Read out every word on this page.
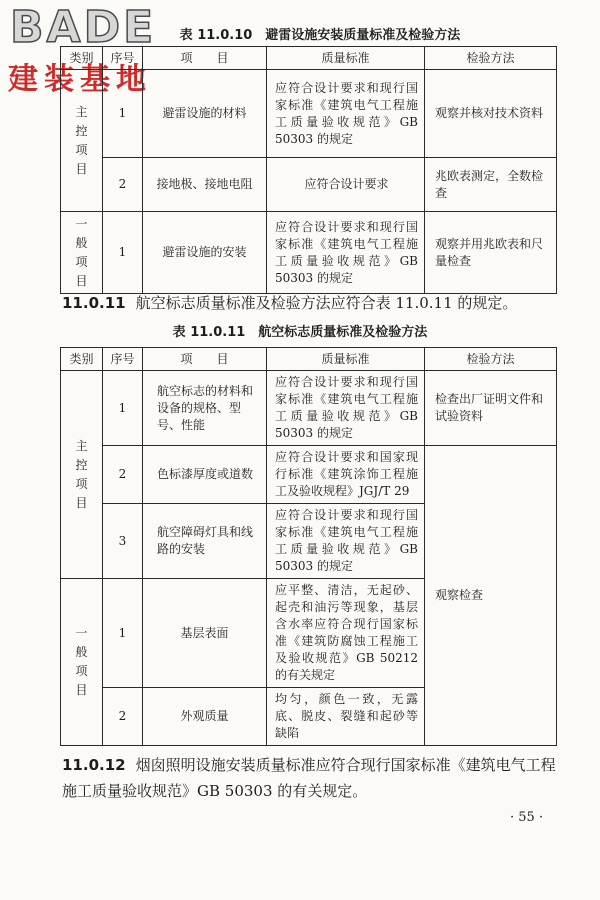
BADE
建装基地
表 11.0.10　避雷设施安装质量标准及检验方法
类别	序号	项　　目	质量标准	检验方法

主控项目	1	避雷设施的材料	应符合设计要求和现行国家标准《建筑电气工程施工质量验收规范》GB 50303 的规定	观察并核对技术资料
	2	接地极、接地电阻	应符合设计要求	兆欧表测定，全数检查

一般项目	1	避雷设施的安装	应符合设计要求和现行国家标准《建筑电气工程施工质量验收规范》GB 50303 的规定	观察并用兆欧表和尺量检查
11.0.11 航空标志质量标准及检验方法应符合表 11.0.11 的规定。
表 11.0.11　航空标志质量标准及检验方法
类别	序号	项　　目	质量标准	检验方法

主控项目	1	航空标志的材料和设备的规格、型号、性能	应符合设计要求和现行国家标准《建筑电气工程施工质量验收规范》GB 50303 的规定	检查出厂证明文件和试验资料
	2	色标漆厚度或道数	应符合设计要求和国家现行标准《建筑涂饰工程施工及验收规程》JGJ/T 29	观察检查
	3	航空障碍灯具和线路的安装	应符合设计要求和现行国家标准《建筑电气工程施工质量验收规范》GB 50303 的规定	

一般项目	1	基层表面	应平整、清洁，无起砂、起壳和油污等现象，基层含水率应符合现行国家标准《建筑防腐蚀工程施工及验收规范》GB 50212 的有关规定	
	2	外观质量	均匀，颜色一致，无露底、脱皮、裂缝和起砂等缺陷	
11.0.12 烟囱照明设施安装质量标准应符合现行国家标准《建筑电气工程施工质量验收规范》GB 50303 的有关规定。
· 55 ·
